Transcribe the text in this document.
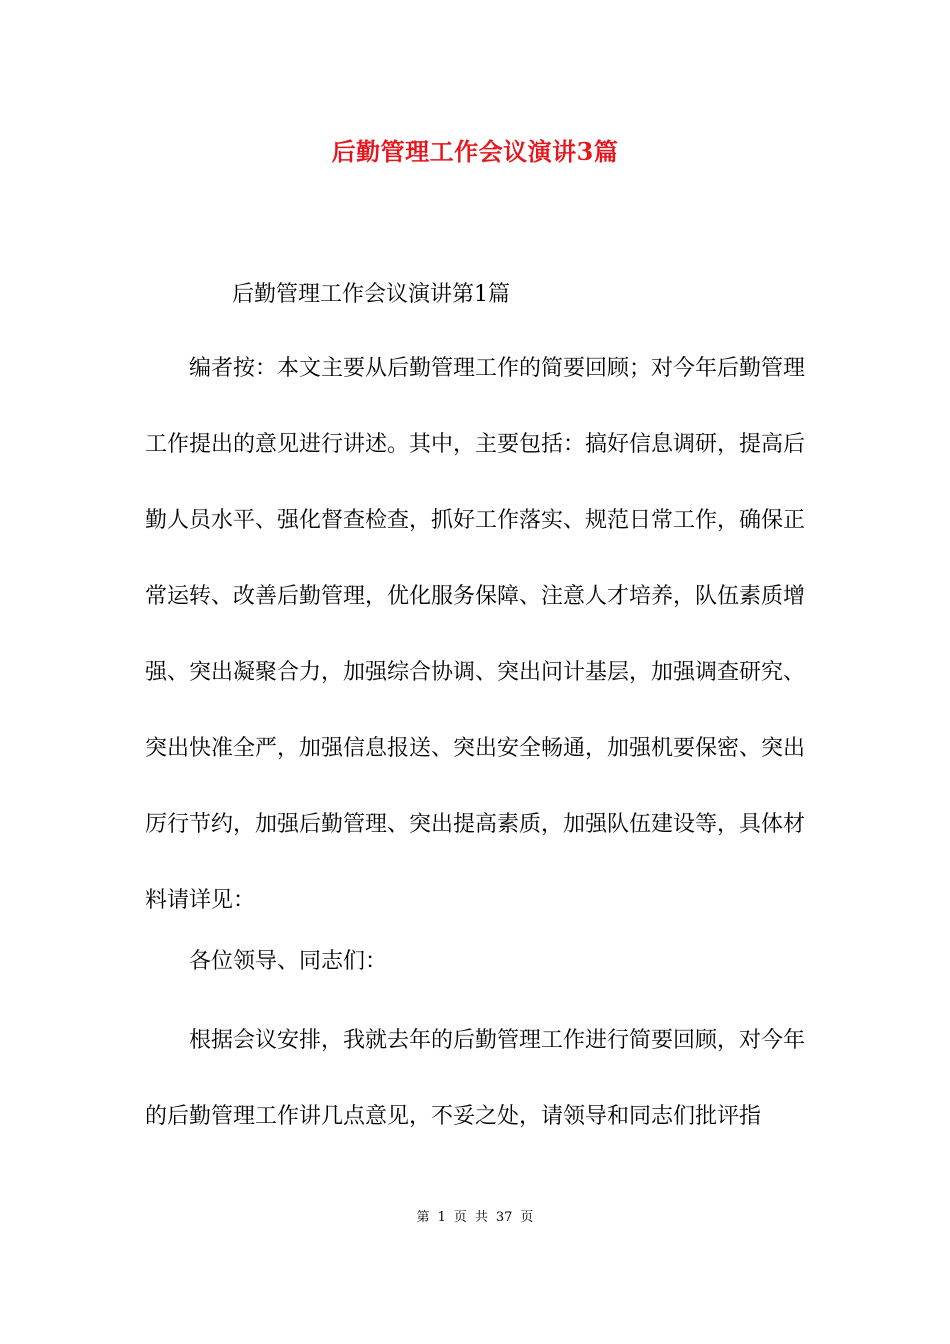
后勤管理工作会议演讲3篇
后勤管理工作会议演讲第1篇

编者按：本文主要从后勤管理工作的简要回顾；对今年后勤管理工作提出的意见进行讲述。其中，主要包括：搞好信息调研，提高后勤人员水平、强化督查检查，抓好工作落实、规范日常工作，确保正常运转、改善后勤管理，优化服务保障、注意人才培养，队伍素质增强、突出凝聚合力，加强综合协调、突出问计基层，加强调查研究、突出快准全严，加强信息报送、突出安全畅通，加强机要保密、突出厉行节约，加强后勤管理、突出提高素质，加强队伍建设等，具体材料请详见：

各位领导、同志们：

根据会议安排，我就去年的后勤管理工作进行简要回顾，对今年的后勤管理工作讲几点意见，不妥之处，请领导和同志们批评指

第 1 页 共 37 页
